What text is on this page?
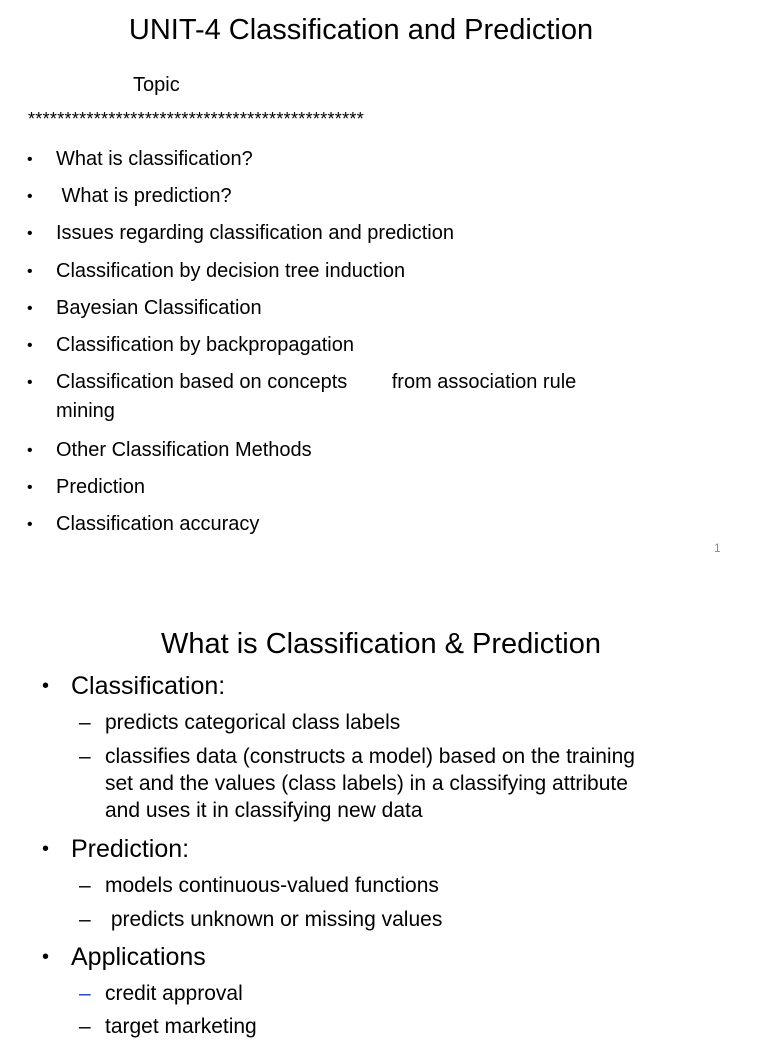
UNIT-4 Classification and Prediction
Topic
**********************************************
• What is classification?
• What is prediction?
• Issues regarding classification and prediction
• Classification by decision tree induction
• Bayesian Classification
• Classification by backpropagation
• Classification based on concepts        from association rule
mining
• Other Classification Methods
• Prediction
• Classification accuracy
1
What is Classification & Prediction
• Classification:
– predicts categorical class labels
– classifies data (constructs a model) based on the training
set and the values (class labels) in a classifying attribute
and uses it in classifying new data
• Prediction:
– models continuous-valued functions
– predicts unknown or missing values
• Applications
– credit approval
– target marketing
